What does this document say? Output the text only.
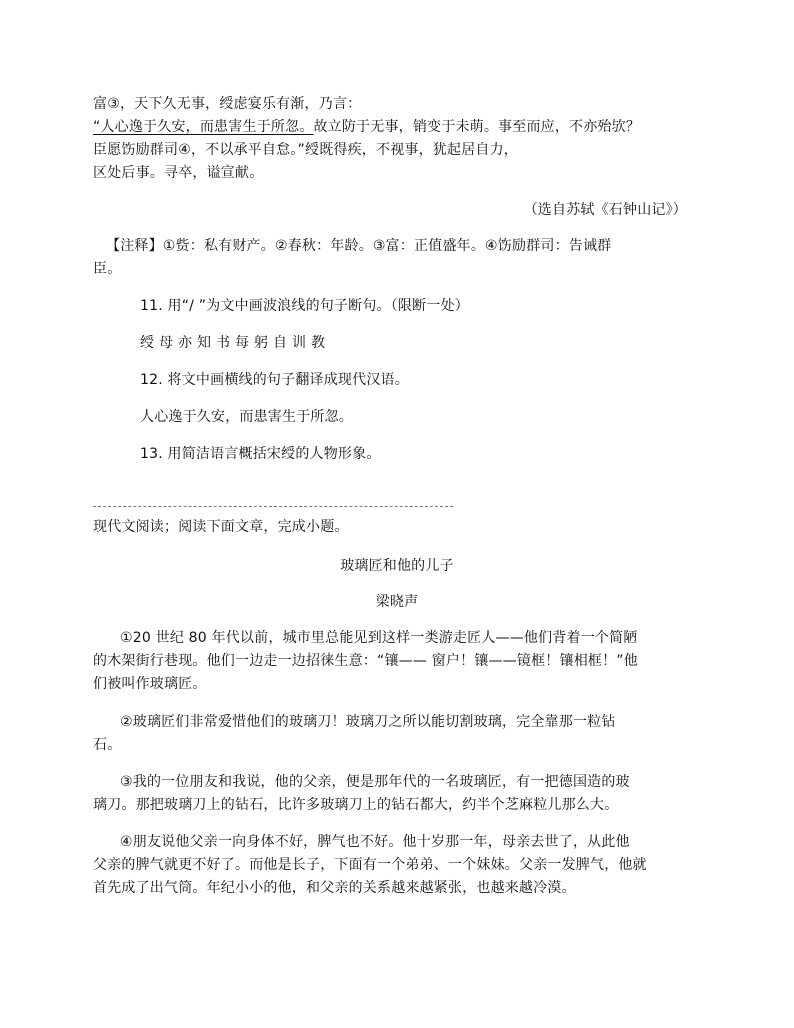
富③，天下久无事，绶虑宴乐有渐，乃言：
“人心逸于久安，而患害生于所忽。故立防于无事，销变于未萌。事至而应，不亦殆欤？
臣愿饬励群司④，不以承平自怠。”绶既得疾，不视事，犹起居自力，
区处后事。寻卒，谥宣献。
（选自苏轼《石钟山记》）
【注释】①赀：私有财产。②春秋：年龄。③富：正值盛年。④饬励群司：告诫群
臣。
11. 用“/ ”为文中画波浪线的句子断句。（限断一处）
绶母亦知书每躬自训教
12. 将文中画横线的句子翻译成现代汉语。
人心逸于久安，而患害生于所忽。
13. 用简洁语言概括宋绶的人物形象。
现代文阅读；阅读下面文章，完成小题。
玻璃匠和他的儿子
梁晓声
①20 世纪 80 年代以前，城市里总能见到这样一类游走匠人——他们背着一个简陋
的木架街行巷现。他们一边走一边招徕生意：“镶—— 窗户！镶——镜框！镶相框！”他
们被叫作玻璃匠。
②玻璃匠们非常爱惜他们的玻璃刀！玻璃刀之所以能切割玻璃，完全靠那一粒钻
石。
③我的一位朋友和我说，他的父亲，便是那年代的一名玻璃匠，有一把德国造的玻
璃刀。那把玻璃刀上的钻石，比许多玻璃刀上的钻石都大，约半个芝麻粒儿那么大。
④朋友说他父亲一向身体不好，脾气也不好。他十岁那一年，母亲去世了，从此他
父亲的脾气就更不好了。而他是长子，下面有一个弟弟、一个妹妹。父亲一发脾气，他就
首先成了出气筒。年纪小小的他，和父亲的关系越来越紧张，也越来越冷漠。
